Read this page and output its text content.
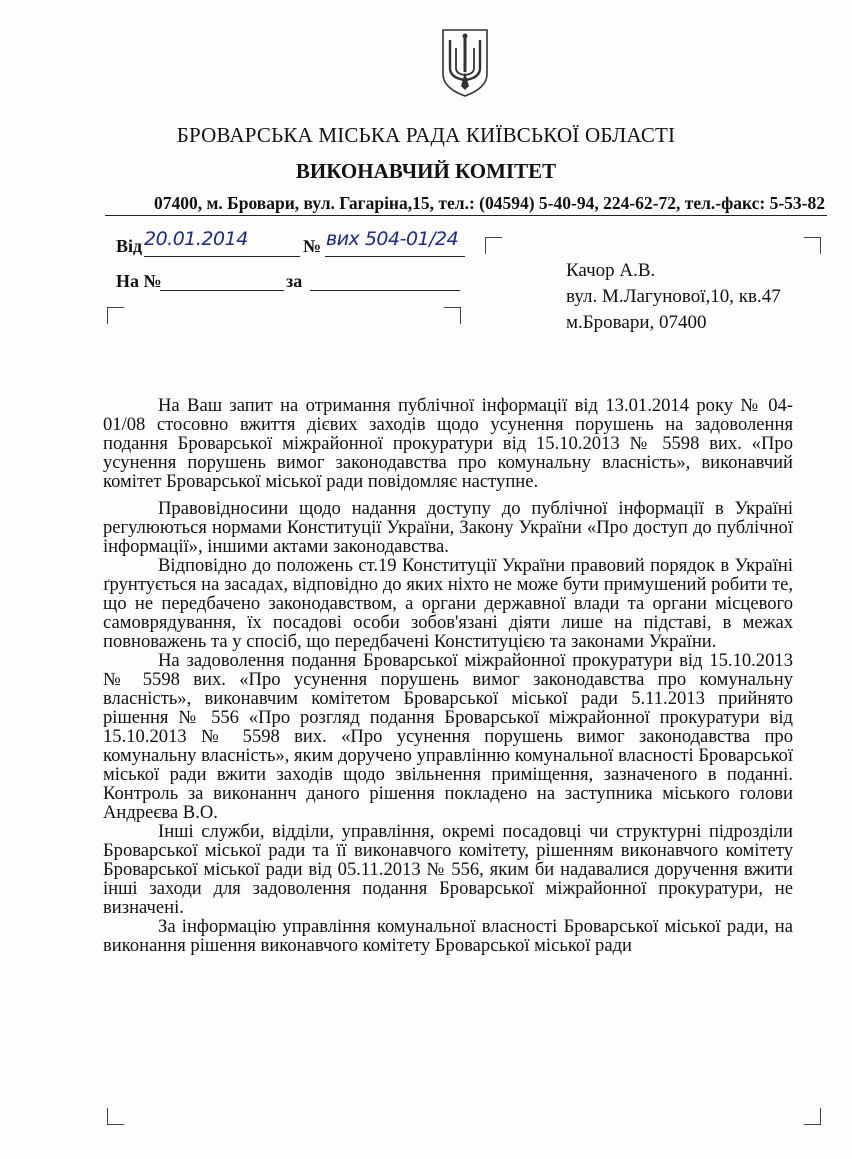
БРОВАРСЬКА МІСЬКА РАДА КИЇВСЬКОЇ ОБЛАСТІ
ВИКОНАВЧИЙ КОМІТЕТ
07400, м. Бровари, вул. Гагаріна,15, тел.: (04594) 5-40-94, 224-62-72, тел.-факс: 5-53-82
Від 20.01.2014	№ вих 504-01/24
На №	за	Качор А.В.
вул. М.Лагунової,10, кв.47
м.Бровари, 07400

На Ваш запит на отримання публічної інформації від 13.01.2014 року № 04-01/08 стосовно вжиття дієвих заходів щодо усунення порушень на задоволення подання Броварської міжрайонної прокуратури від 15.10.2013 № 5598 вих. «Про усунення порушень вимог законодавства про комунальну власність», виконавчий комітет Броварської міської ради повідомляє наступне.

Правовідносини щодо надання доступу до публічної інформації в Україні регулюються нормами Конституції України, Закону України «Про доступ до публічної інформації», іншими актами законодавства.

Відповідно до положень ст.19 Конституції України правовий порядок в Україні ґрунтується на засадах, відповідно до яких ніхто не може бути примушений робити те, що не передбачено законодавством, а органи державної влади та органи місцевого самоврядування, їх посадові особи зобов'язані діяти лише на підставі, в межах повноважень та у спосіб, що передбачені Конституцією та законами України.

На задоволення подання Броварської міжрайонної прокуратури від 15.10.2013 № 5598 вих. «Про усунення порушень вимог законодавства про комунальну власність», виконавчим комітетом Броварської міської ради 5.11.2013 прийнято рішення № 556 «Про розгляд подання Броварської міжрайонної прокуратури від 15.10.2013 № 5598 вих. «Про усунення порушень вимог законодавства про комунальну власність», яким доручено управлінню комунальної власності Броварської міської ради вжити заходів щодо звільнення приміщення, зазначеного в поданні. Контроль за виконаннч даного рішення покладено на заступника міського голови Андреєва В.О.

Інші служби, відділи, управління, окремі посадовці чи структурні підрозділи Броварської міської ради та її виконавчого комітету, рішенням виконавчого комітету Броварської міської ради від 05.11.2013 № 556, яким би надавалися доручення вжити інші заходи для задоволення подання Броварської міжрайонної прокуратури, не визначені.

За інформацію управління комунальної власності Броварської міської ради, на виконання рішення виконавчого комітету Броварської міської ради
